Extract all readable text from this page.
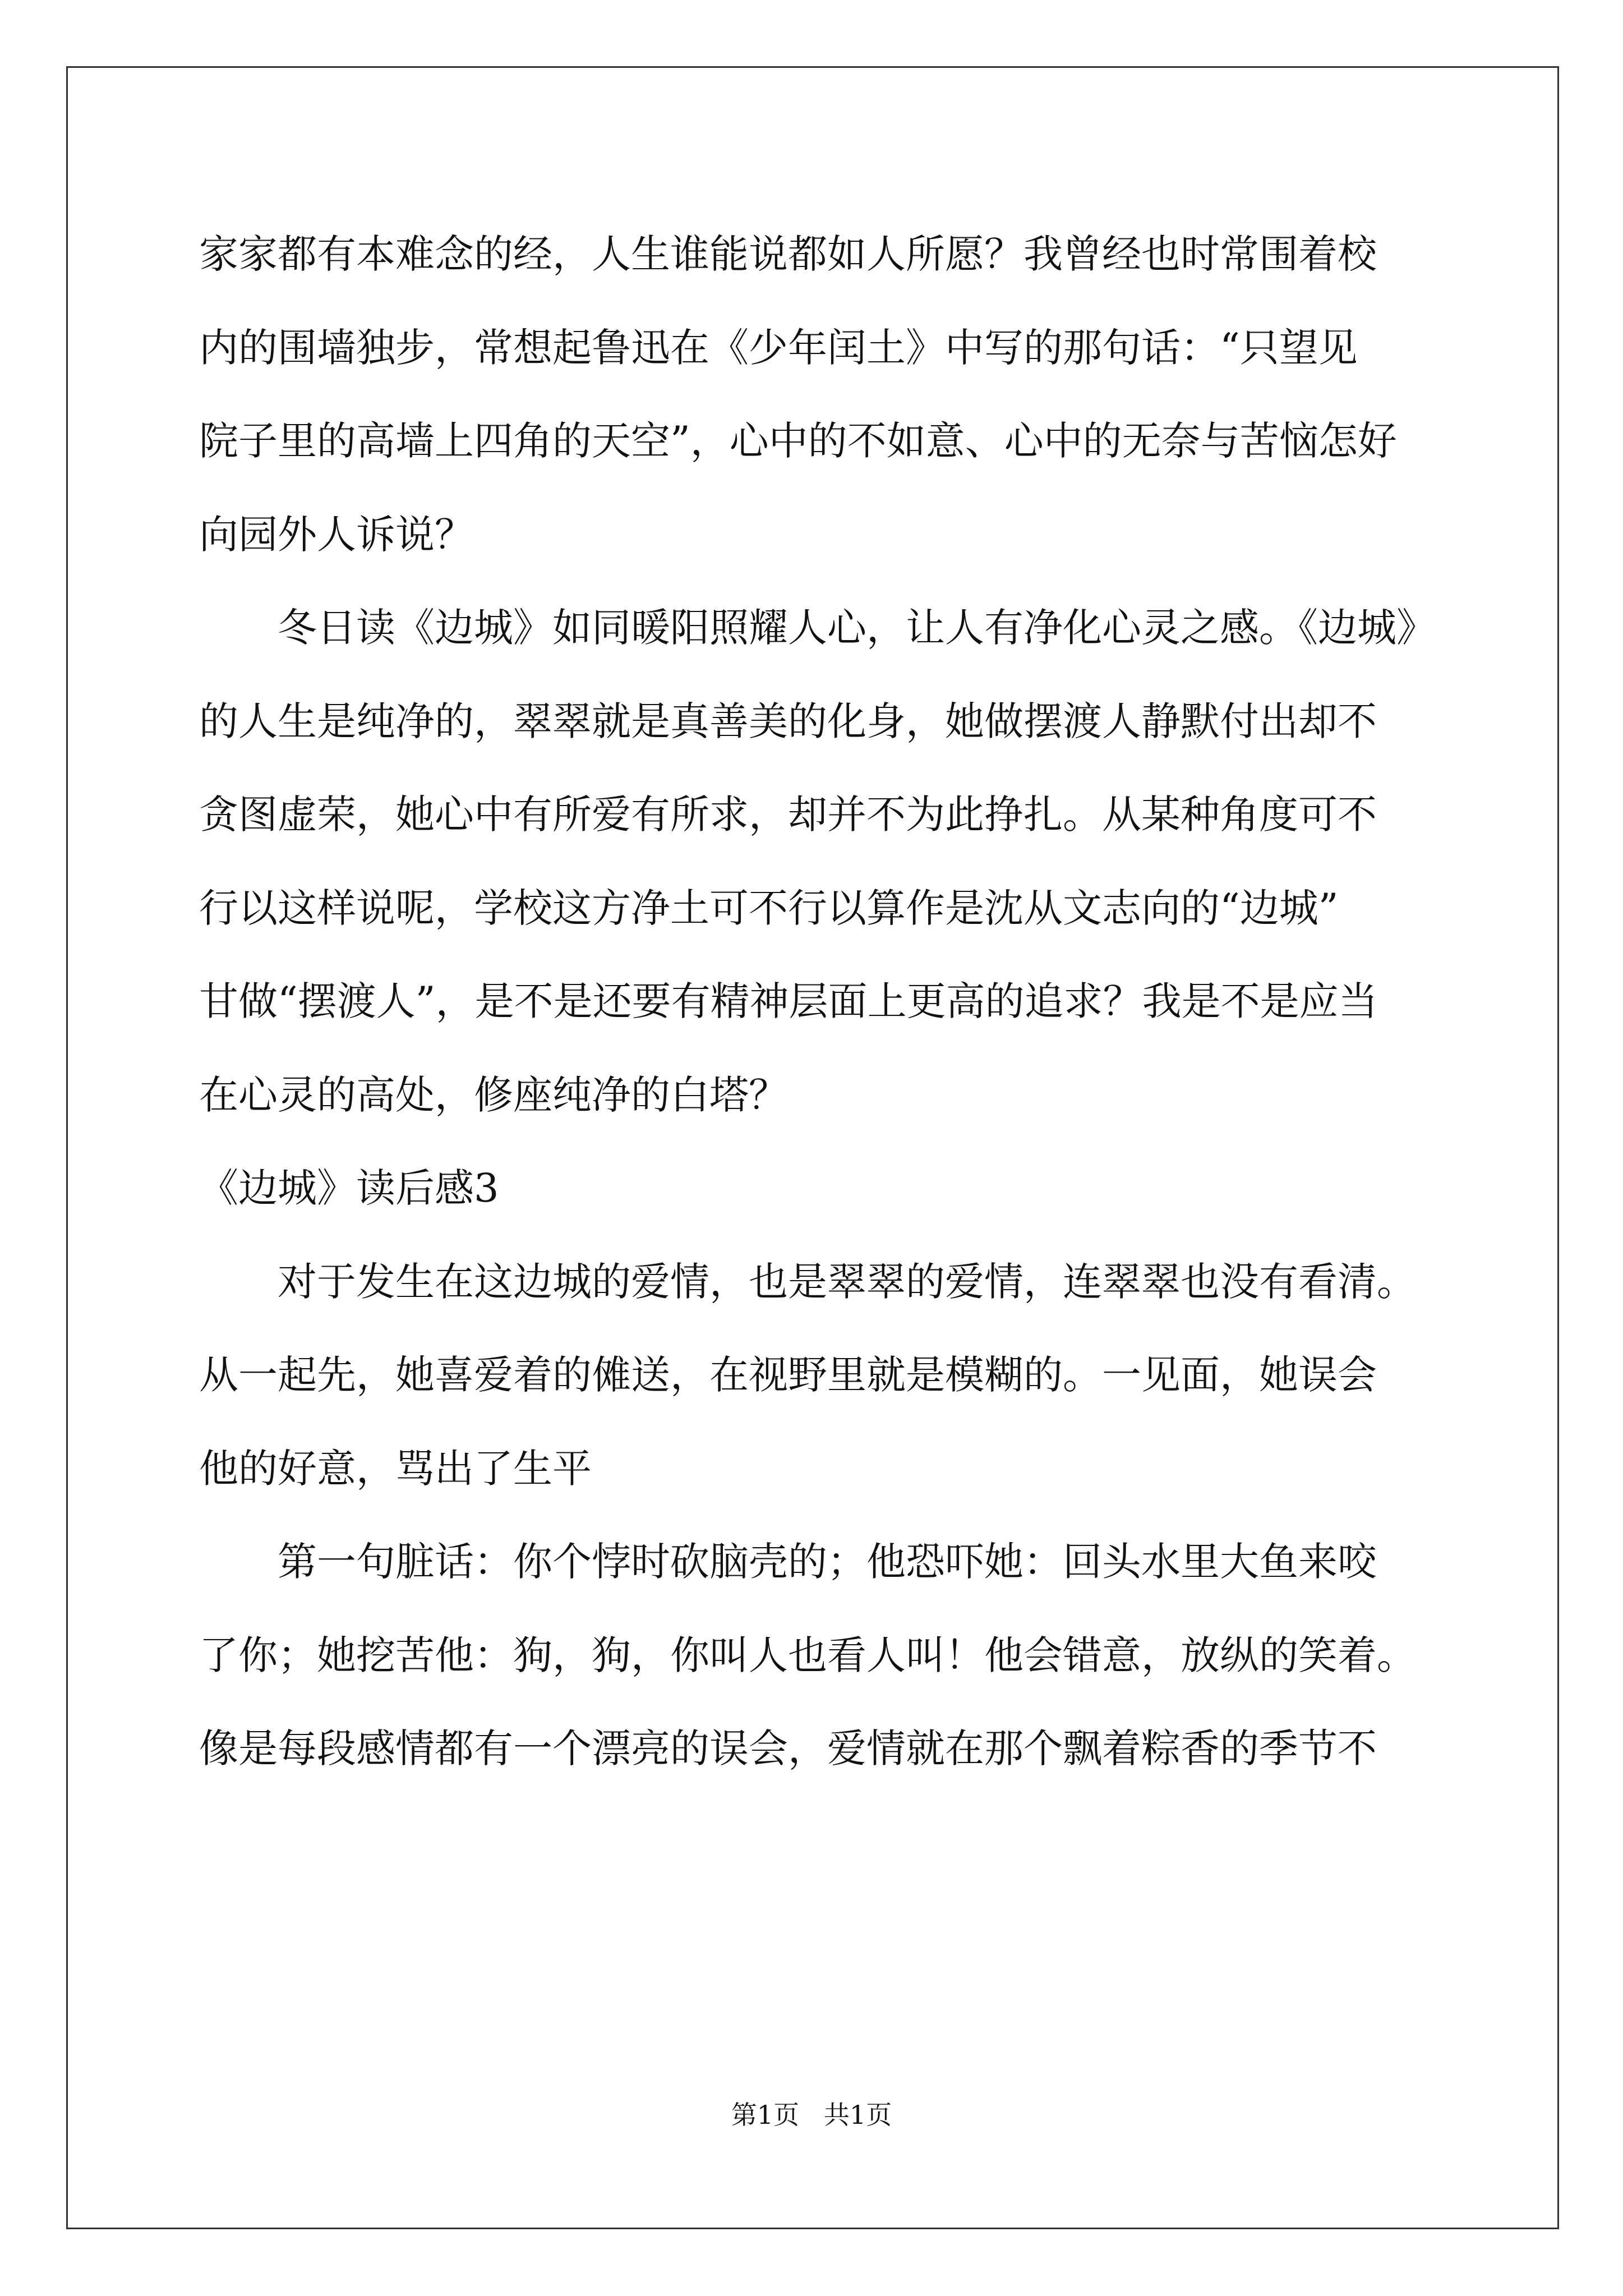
家家都有本难念的经，人生谁能说都如人所愿？我曾经也时常围着校
内的围墙独步，常想起鲁迅在《少年闰土》中写的那句话：“只望见
院子里的高墙上四角的天空”，心中的不如意、心中的无奈与苦恼怎好
向园外人诉说？
冬日读《边城》如同暖阳照耀人心，让人有净化心灵之感。《边城》
的人生是纯净的，翠翠就是真善美的化身，她做摆渡人静默付出却不
贪图虚荣，她心中有所爱有所求，却并不为此挣扎。从某种角度可不
行以这样说呢，学校这方净土可不行以算作是沈从文志向的“边城”
甘做“摆渡人”，是不是还要有精神层面上更高的追求？我是不是应当
在心灵的高处，修座纯净的白塔？
《边城》读后感3
对于发生在这边城的爱情，也是翠翠的爱情，连翠翠也没有看清。
从一起先，她喜爱着的傩送，在视野里就是模糊的。一见面，她误会
他的好意，骂出了生平
第一句脏话：你个悖时砍脑壳的；他恐吓她：回头水里大鱼来咬
了你；她挖苦他：狗，狗，你叫人也看人叫！他会错意，放纵的笑着。
像是每段感情都有一个漂亮的误会，爱情就在那个飘着粽香的季节不
第1页   共1页
